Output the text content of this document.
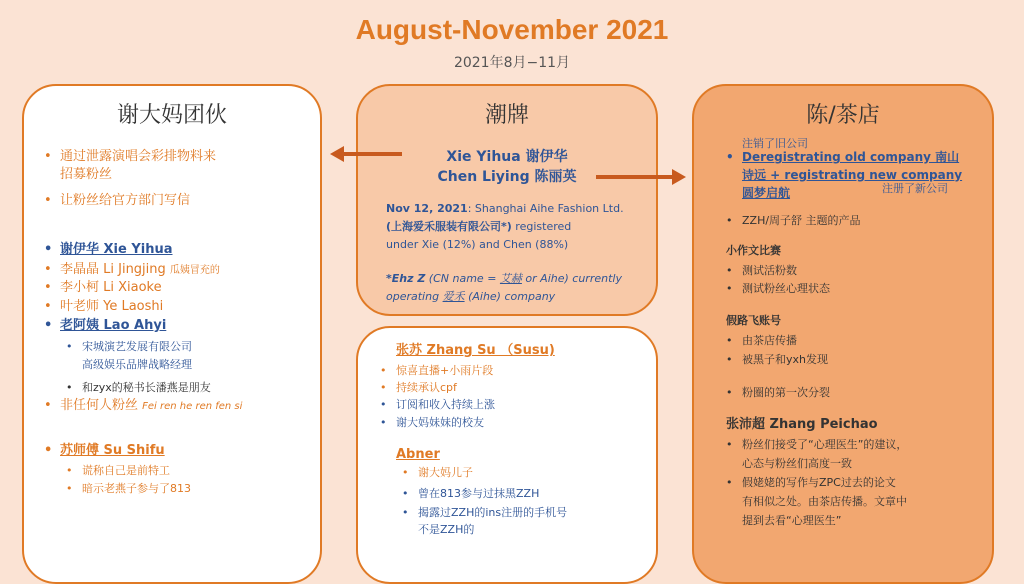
August-November 2021
2021年8月−11月
谢大妈团伙
• 通过泄露演唱会彩排物料来
招募粉丝
• 让粉丝给官方部门写信
• 谢伊华 Xie Yihua
• 李晶晶 Li Jingjing 瓜姨冒充的
• 李小柯 Li Xiaoke
• 叶老师 Ye Laoshi
• 老阿姨 Lao Ahyi
• 宋城演艺发展有限公司
高级娱乐品牌战略经理
• 和zyx的秘书长潘燕是朋友
• 非任何人粉丝 Fei ren he ren fen si
• 苏师傅 Su Shifu
• 谎称自己是前特工
• 暗示老燕子参与了813
潮牌
Xie Yihua 谢伊华
Chen Liying 陈丽英
Nov 12, 2021: Shanghai Aihe Fashion Ltd.
(上海爱禾服装有限公司*) registered
under Xie (12%) and Chen (88%)
*Ehz Z (CN name = 艾赫 or Aihe) currently
operating 爱禾 (Aihe) company
张苏 Zhang Su （Susu)
• 惊喜直播+小雨片段
• 持续承认cpf
• 订阅和收入持续上涨
• 谢大妈妹妹的校友
Abner
• 谢大妈儿子
• 曾在813参与过抹黑ZZH
• 揭露过ZZH的ins注册的手机号
不是ZZH的
陈/茶店
注销了旧公司
• Deregistrating old company 南山
诗远 + registrating new company
圆梦启航	注册了新公司
• ZZH/周子舒 主题的产品
小作文比赛
• 测试活粉数
• 测试粉丝心理状态
假路飞账号
• 由茶店传播
• 被黑子和yxh发现
• 粉圈的第一次分裂
张沛超 Zhang Peichao
• 粉丝们接受了“心理医生”的建议，
心态与粉丝们高度一致
• 假姥姥的写作与ZPC过去的论文
有相似之处。由茶店传播。文章中
提到去看“心理医生”
